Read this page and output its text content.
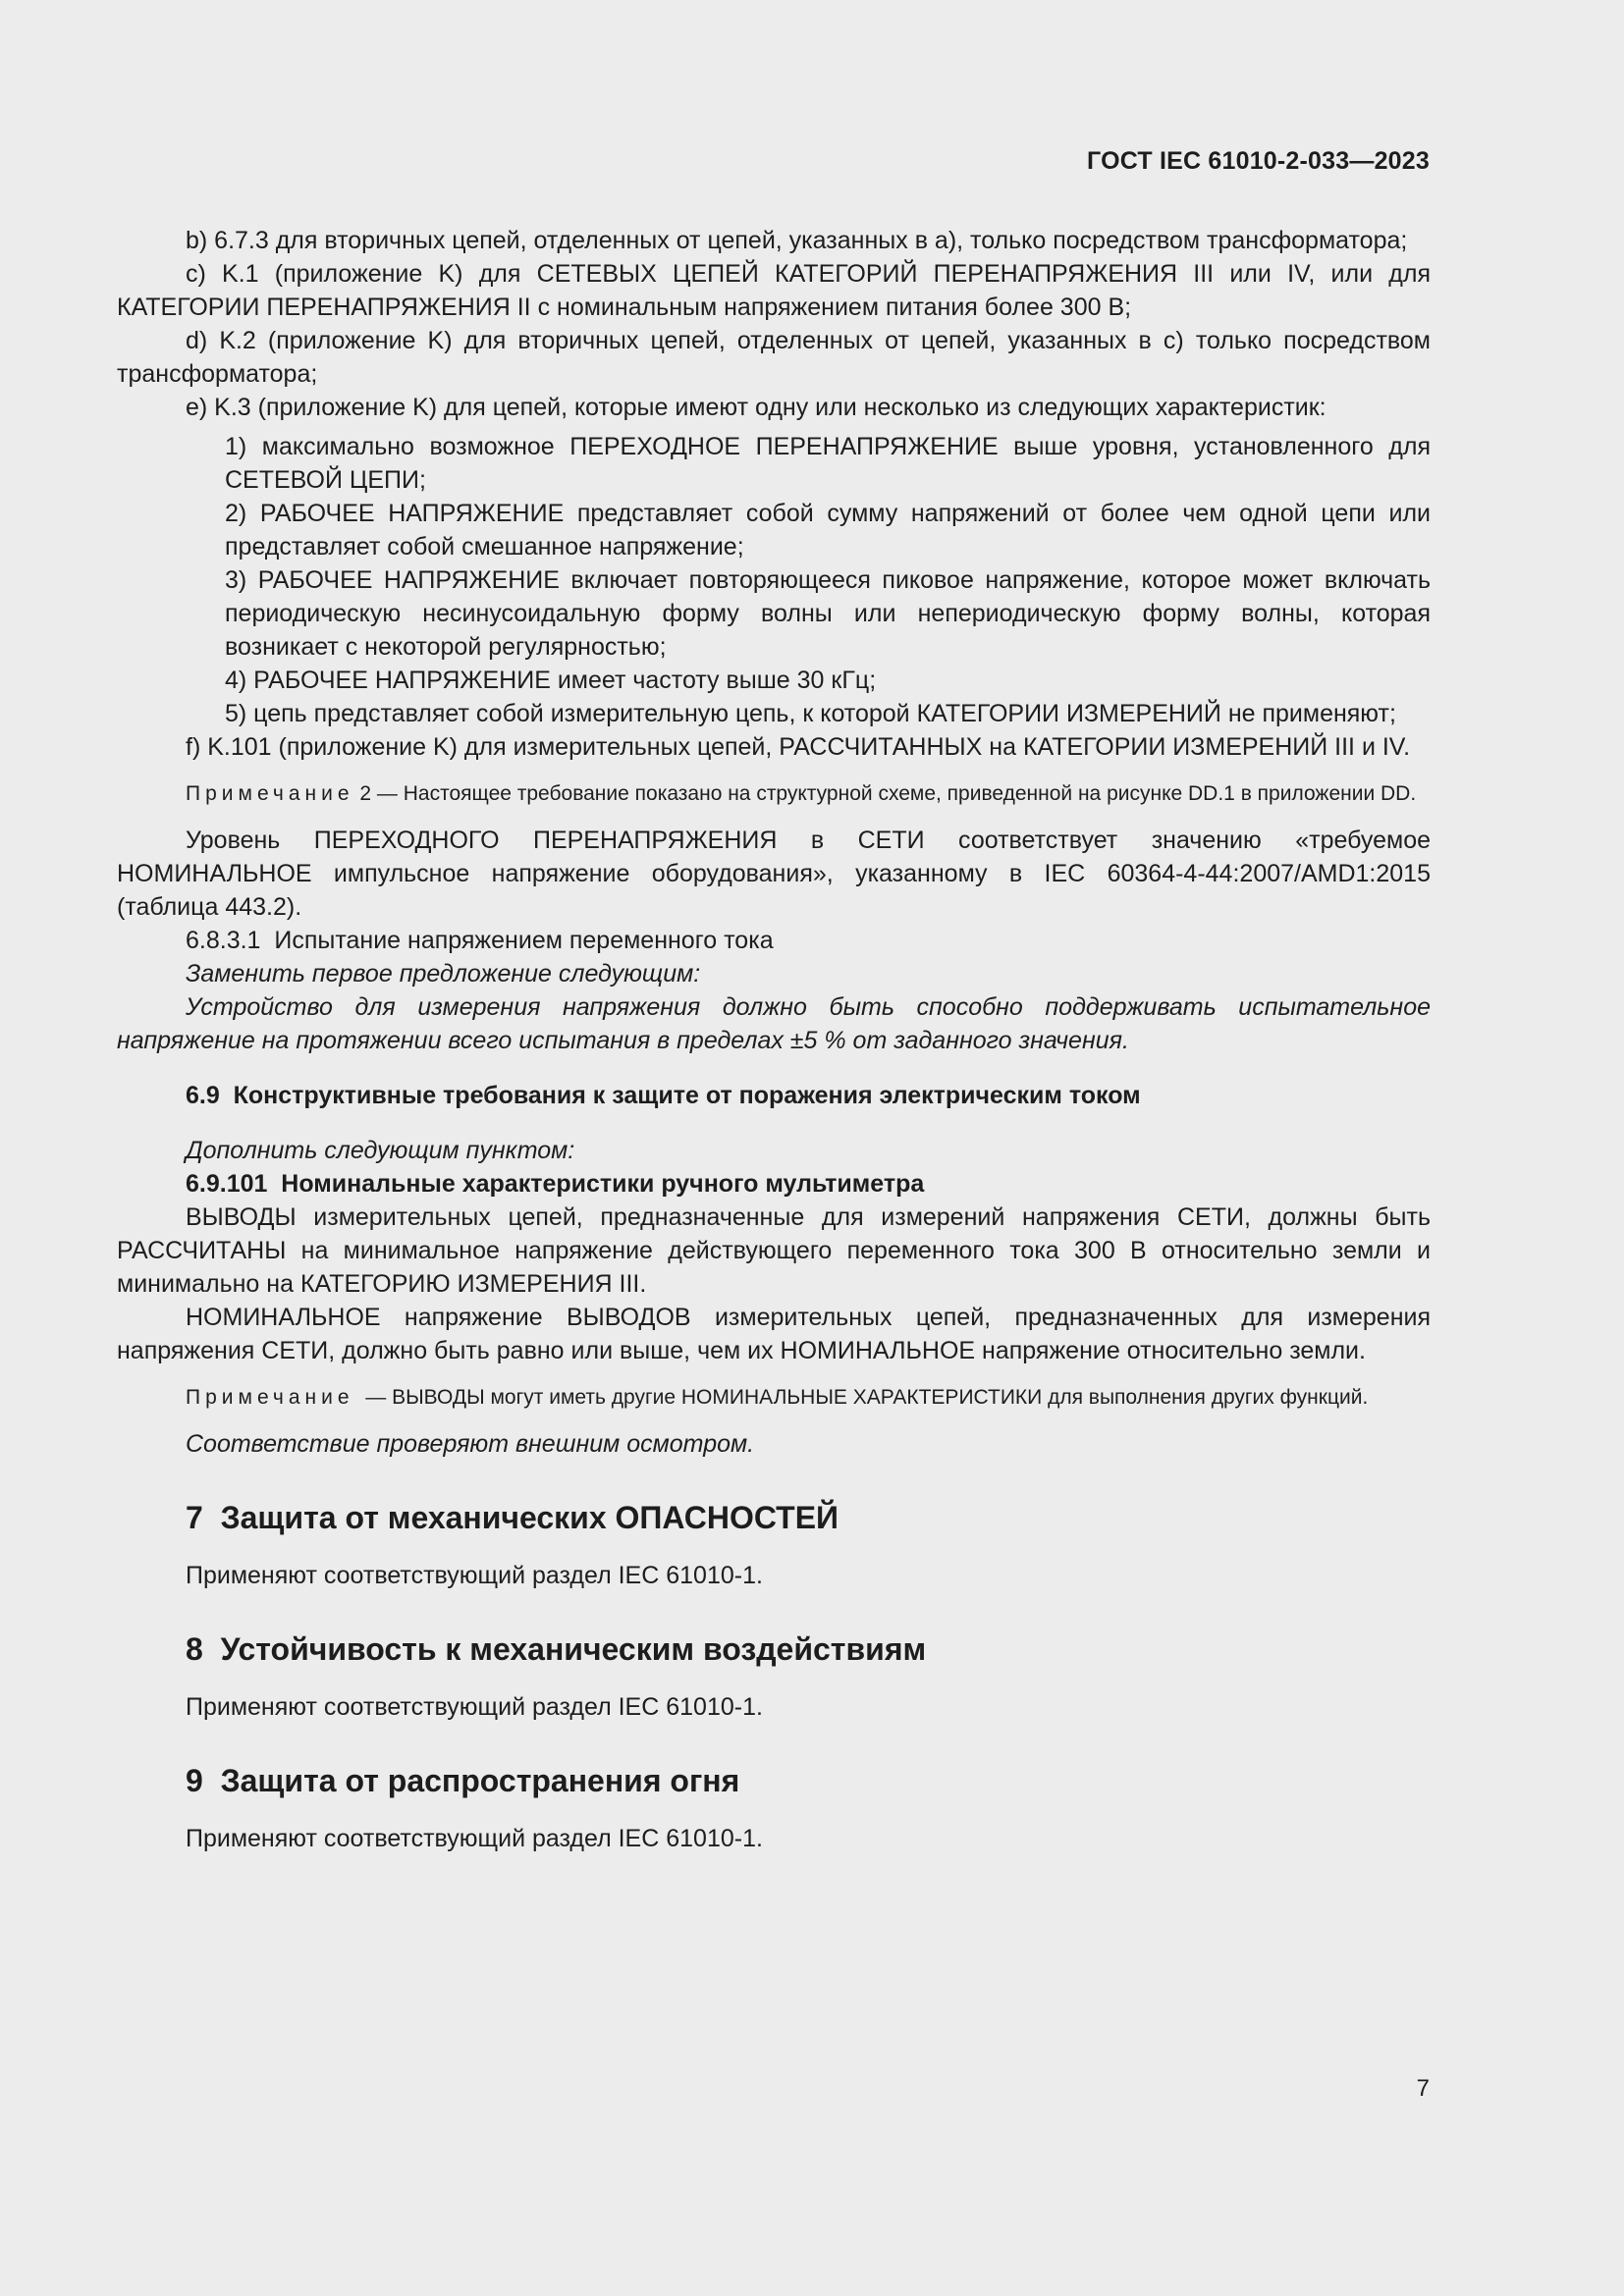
ГОСТ IEC 61010-2-033—2023

b) 6.7.3 для вторичных цепей, отделенных от цепей, указанных в a), только посредством трансформатора;

c) K.1 (приложение K) для СЕТЕВЫХ ЦЕПЕЙ КАТЕГОРИЙ ПЕРЕНАПРЯЖЕНИЯ III или IV, или для КАТЕГОРИИ ПЕРЕНАПРЯЖЕНИЯ II с номинальным напряжением питания более 300 В;

d) K.2 (приложение K) для вторичных цепей, отделенных от цепей, указанных в c) только посредством трансформатора;

e) K.3 (приложение K) для цепей, которые имеют одну или несколько из следующих характеристик:

1) максимально возможное ПЕРЕХОДНОЕ ПЕРЕНАПРЯЖЕНИЕ выше уровня, установленного для СЕТЕВОЙ ЦЕПИ;

2) РАБОЧЕЕ НАПРЯЖЕНИЕ представляет собой сумму напряжений от более чем одной цепи или представляет собой смешанное напряжение;

3) РАБОЧЕЕ НАПРЯЖЕНИЕ включает повторяющееся пиковое напряжение, которое может включать периодическую несинусоидальную форму волны или непериодическую форму волны, которая возникает с некоторой регулярностью;

4) РАБОЧЕЕ НАПРЯЖЕНИЕ имеет частоту выше 30 кГц;

5) цепь представляет собой измерительную цепь, к которой КАТЕГОРИИ ИЗМЕРЕНИЙ не применяют;

f) K.101 (приложение K) для измерительных цепей, РАССЧИТАННЫХ на КАТЕГОРИИ ИЗМЕРЕНИЙ III и IV.

Примечание 2 — Настоящее требование показано на структурной схеме, приведенной на рисунке DD.1 в приложении DD.

Уровень ПЕРЕХОДНОГО ПЕРЕНАПРЯЖЕНИЯ в СЕТИ соответствует значению «требуемое НОМИНАЛЬНОЕ импульсное напряжение оборудования», указанному в IEC 60364-4-44:2007/AMD1:2015 (таблица 443.2).

6.8.3.1  Испытание напряжением переменного тока

Заменить первое предложение следующим:

Устройство для измерения напряжения должно быть способно поддерживать испытательное напряжение на протяжении всего испытания в пределах ±5 % от заданного значения.

6.9  Конструктивные требования к защите от поражения электрическим током

Дополнить следующим пунктом:

6.9.101  Номинальные характеристики ручного мультиметра

ВЫВОДЫ измерительных цепей, предназначенные для измерений напряжения СЕТИ, должны быть РАССЧИТАНЫ на минимальное напряжение действующего переменного тока 300 В относительно земли и минимально на КАТЕГОРИЮ ИЗМЕРЕНИЯ III.

НОМИНАЛЬНОЕ напряжение ВЫВОДОВ измерительных цепей, предназначенных для измерения напряжения СЕТИ, должно быть равно или выше, чем их НОМИНАЛЬНОЕ напряжение относительно земли.

Примечание  — ВЫВОДЫ могут иметь другие НОМИНАЛЬНЫЕ ХАРАКТЕРИСТИКИ для выполнения других функций.

Соответствие проверяют внешним осмотром.

7  Защита от механических ОПАСНОСТЕЙ

Применяют соответствующий раздел IEC 61010-1.

8  Устойчивость к механическим воздействиям

Применяют соответствующий раздел IEC 61010-1.

9  Защита от распространения огня

Применяют соответствующий раздел IEC 61010-1.

7
